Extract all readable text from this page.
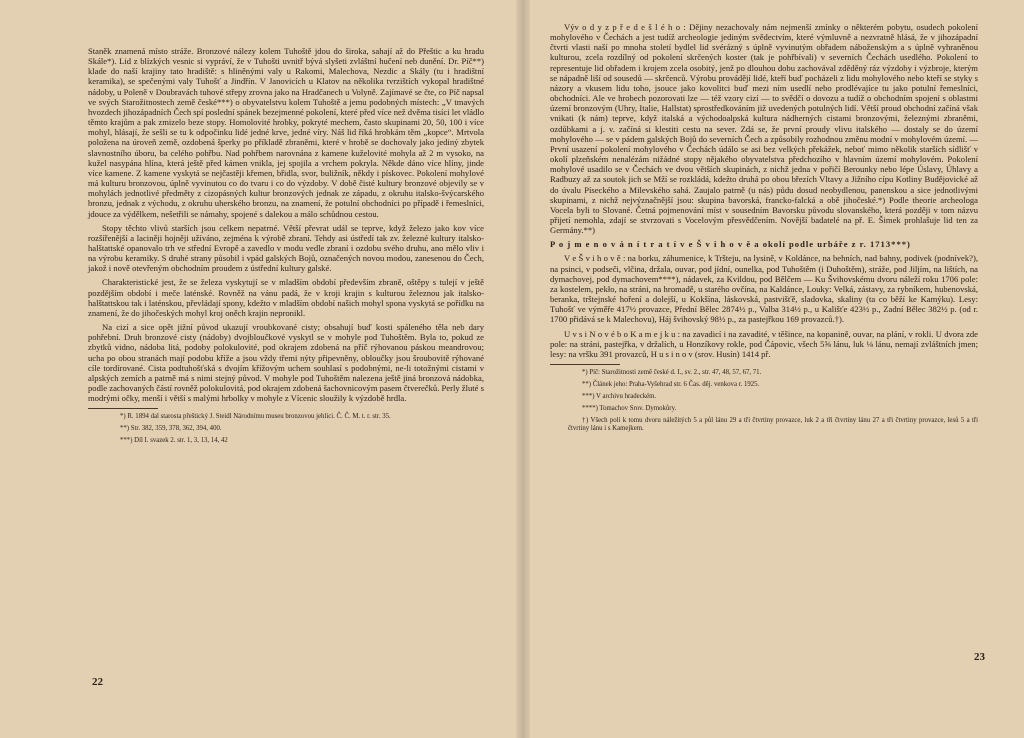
Staněk znamená místo stráže. Bronzové nálezy kolem Tuhoště jdou do široka, sahají až do Přeštic a ku hradu Skále*). Lid z blízkých vesnic si vypráví, že v Tuhošti uvnitř bývá slyšeti zvláštní hučení neb dunění. Dr. Píč**) klade do naší krajiny tato hradiště: s hliněnými valy u Rakomi, Malechova, Nezdic a Skály (tu i hradištní keramika), se spečenými valy Tuhošť a Jindřín. V Janovicích u Klatov na několika tvrzištích vykopal hradištné nádoby, u Poleně v Doubravách tuhové střepy zrovna jako na Hradčanech u Volyně. Zajímavé se čte, co Píč napsal ve svých Starožitnostech země české***) o obyvatelstvu kolem Tuhoště a jemu podobných místech: „V tmavých hvozdech jihozápadních Čech spí poslední spánek bezejmenné pokolení, které před více než dvěma tisíci let vládlo těmto krajům a pak zmizelo beze stopy. Homolovité hrobky, pokryté mechem, často skupinami 20, 50, 100 i více mohyl, hlásají, že sešli se tu k odpočinku lidé jedné krve, jedné víry. Náš lid říká hrobkám těm „kopce“. Mrtvola položena na úroveň země, ozdobená šperky po příkladě zbraněmi, které v hrobě se dochovaly jako jediný zbytek slavnostního úboru, ba celého pohřbu. Nad pohřbem narovnána z kamene kuželovité mohyla až 2 m vysoko, na kužel nasypána hlína, která ještě před kámen vnikla, jej spojila a vrchem pokryla. Někde dáno více hlíny, jinde více kamene. Z kamene vyskytá se nejčastěji křemen, břidla, svor, buližník, někdy i pískovec. Pokolení mohylové má kulturu bronzovou, úplně vyvinutou co do tvaru i co do výzdoby. V době čisté kultury bronzové objevily se v mohylách jednotlivé předměty z cizopásných kultur bronzových jednak ze západu, z okruhu italsko-švýcarského bronzu, jednak z východu, z okruhu uherského bronzu, na znamení, že potulní obchodníci po případě i řemeslníci, jdouce za výdělkem, nešetřili se námahy, spojené s dalekou a málo schůdnou cestou.

Stopy těchto vlivů starších jsou celkem nepatrné. Větší převrat udál se teprve, když železo jako kov více rozšířenější a laciněji hojněji užíváno, zejména k výrobě zbraní. Tehdy asi ústředí tak zv. železné kultury italsko-halštattské opanovalo trh ve střední Evropě a zavedlo v modu vedle zbraní i ozdobu svého druhu, ano mělo vliv i na výrobu keramiky. S druhé strany působil i vpád galských Bojů, označených novou modou, zanesenou do Čech, jakož i nově otevřeným obchodním proudem z ústřední kultury galské.

Charakteristické jest, že se železa vyskytují se v mladším období především zbraně, oštěpy s tulejí v ještě pozdějším období i meče laténské. Rovněž na vánu padá, že v kroji krajin s kulturou železnou jak italsko-halštattskou tak i laténskou, převládají spony, kdežto v mladším období našich mohyl spona vyskytá se pořídku na znamení, že do jihočeských mohyl kroj oněch krajin nepronikl.

Na cizí a sice opět jižní původ ukazují vroubkované cisty; obsahují buď kosti spáleného těla neb dary pohřební. Druh bronzové cisty (nádoby) dvojbloučkové vyskytl se v mohyle pod Tuhoštěm. Byla to, pokud ze zbytků vidno, nádoba litá, podoby polokulovité, pod okrajem zdobená na příč rýhovanou páskou meandrovou; ucha po obou stranách mají podobu kříže a jsou vždy třemi nýty připevněny, obloučky jsou šroubovitě rýhované cíle tordírované. Cista podtuhošťská s dvojím křížovým uchem souhlasí s podobnými, ne-li totožnými cistami v alpských zemích a patrně má s nimi stejný původ. V mohyle pod Tuhoštěm nalezena ještě jiná bronzová nádobka, podle zachovaných částí rovněž polokulovitá, pod okrajem zdobená šachovnicovým pasem čtverečků. Perly žluté s modrými očky, menší i větší s malými hrbolky v mohyle z Vícenic sloužily k výzdobě hrdla.

*) R. 1894 dal starosta přeštický J. Steidl Národnímu museu bronzovou jehlici. Č. Č. M. t. r. str. 35.

**) Str. 382, 359, 378, 362, 394, 400.

***) Díl I. svazek 2. str. 1, 3, 13, 14, 42

22

Výv o d y z p ř e d e š l é h o : Dějiny nezachovaly nám nejmenší zmínky o některém pobytu, osudech pokolení mohylového v Čechách a jest tudíž archeologie jediným svědectvím, které výmluvně a nezvratně hlásá, že v jihozápadní čtvrti vlasti naší po mnoha století bydlel lid svérázný s úplně vyvinutým obřadem náboženským a s úplně vyhraněnou kulturou, zcela rozdílný od pokolení skrčených koster (tak je pohřbívali) v severních Čechách usedlého. Pokolení to representuje lid obřadem i krojem zcela osobitý, jenž po dlouhou dobu zachovával zděděný ráz výzdoby i výzbroje, kterým se nápadně liší od sousedů — skrčenců. Výrobu provádějí lidé, kteří buď pocházeli z lidu mohylového nebo kteří se styky s názory a vkusem lidu toho, jsouce jako kovolitci buď mezi ním usedlí nebo prodlévajíce tu jako potulní řemeslníci, obchodníci. Ale ve hrobech pozorovati lze — též vzory cizí — to svědčí o dovozu a tudíž o obchodním spojení s oblastmi území bronzovým (Uhry, Italie, Hallstat) sprostředkováním již uvedených potulných lidí. Větší proud obchodní začíná však vnikati (k nám) teprve, když italská a východoalpská kultura nádherných cistami bronzovými, železnými zbraněmi, ozdůbkami a j. v. začíná si klestiti cestu na sever. Zdá se, že první proudy vlivu italského — dostaly se do území mohylového — se v pádem galských Bojů do severních Čech a způsobily rozhodnou změnu modní v mohylovém území. — První usazení pokolení mohylového v Čechách údálo se asi bez velkých překážek, neboť mimo několik starších sídlišť v okolí plzeňském nenalézám nižádné stopy nějakého obyvatelstva předchozího v hlavním území mohylovém. Pokolení mohylové usadilo se v Čechách ve dvou větších skupinách, z nichž jedna v pořičí Berounky nebo lépe Úslavy, Úhlavy a Radbuzy až za soutok jich se Mží se rozkládá, kdežto druhá po obou březích Vltavy a Jižního cípu Kotliny Budějovické až do úvalu Píseckého a Milevského sahá. Zaujalo patrně (u nás) půdu dosud neobydlenou, panenskou a sice jednotlivými skupinami, z nichž nejvýznačnější jsou: skupina bavorská, francko-falcká a obě jihočeské.*) Podle theorie archeologa Vocela byli to Slované. Četná pojmenování míst v sousedním Bavorsku původu slovanského, která později v tom názvu přijetí nemohla, zdají se stvrzovati s Vocelovým přesvědčením. Novější badatelé na př. E. Šimek prohlašuje lid ten za Germány.**)

P o j m e n o v á n í t r a t í v e Š v i h o v ě a okolí podle urbáře z r. 1713***)

V e Š v i h o v ě : na borku, záhumenice, k Tršteju, na lysině, v Koldánce, na behních, nad bahny, podivek (podnívek?), na psinci, v podseči, vlčina, držala, ouvar, pod jídní, ounelka, pod Tuhoštěm (i Duhoštěm), stráže, pod Jiljím, na lištích, na dymachovej, pod dymachovem****), nádavek, za Kvildou, pod Bělčem — Ku Švihovskému dvoru náleží roku 1706 pole: za kostelem, pekło, na stráni, na hromadě, u starého ovčína, na Kaldánce, Louky: Velká, zástavy, za rybníkem, hubenovská, beranka, trštejnské hoření a dolejší, u Kokšína, láskovská, pastvišťě, sladovka, skaliny (ta co běží ke Kamýku). Lesy: Tuhošť ve výměře 417½ provazce, Přední Bělec 2874½ p., Valba 314½ p., u Kališťe 423½ p., Zadní Bělec 382½ p. (od r. 1700 přidává se k Malechovu), Háj švihovský 98½ p., za pastejřkou 169 provazců.†).

U v s i N o v é b o K a m e j k u : na zavadicí i na zavadité, v těšince, na kopanině, ouvar, na plání, v rokli. U dvora zde pole: na stráni, pastejřka, v držalích, u Honzíkovy rokle, pod Čápovic, všech 5⅝ lánu, luk ⅛ lánu, nemají zvláštních jmen; lesy: na vršku 391 provazců, H u s i n o v (srov. Husín) 1414 př.

*) Píč: Starožitnosti země české d. I., sv. 2., str. 47, 48, 57, 67, 71.

**) Článek jeho: Praha-Vyšehrad str. 6 Čas. děj. venkova r. 1925.

***) V archivu hradeckém.

****) Tomachov Srov. Dymokůry.

†) Všech polí k tomu dvoru náležitých 5 a půl lánu 29 a tři čtvrtiny provazce, luk 2 a tři čtvrtiny lánu 27 a tři čtvrtiny provazce, lesů 5 a tři čtvrtiny lánu i s Kamejkem.

23
